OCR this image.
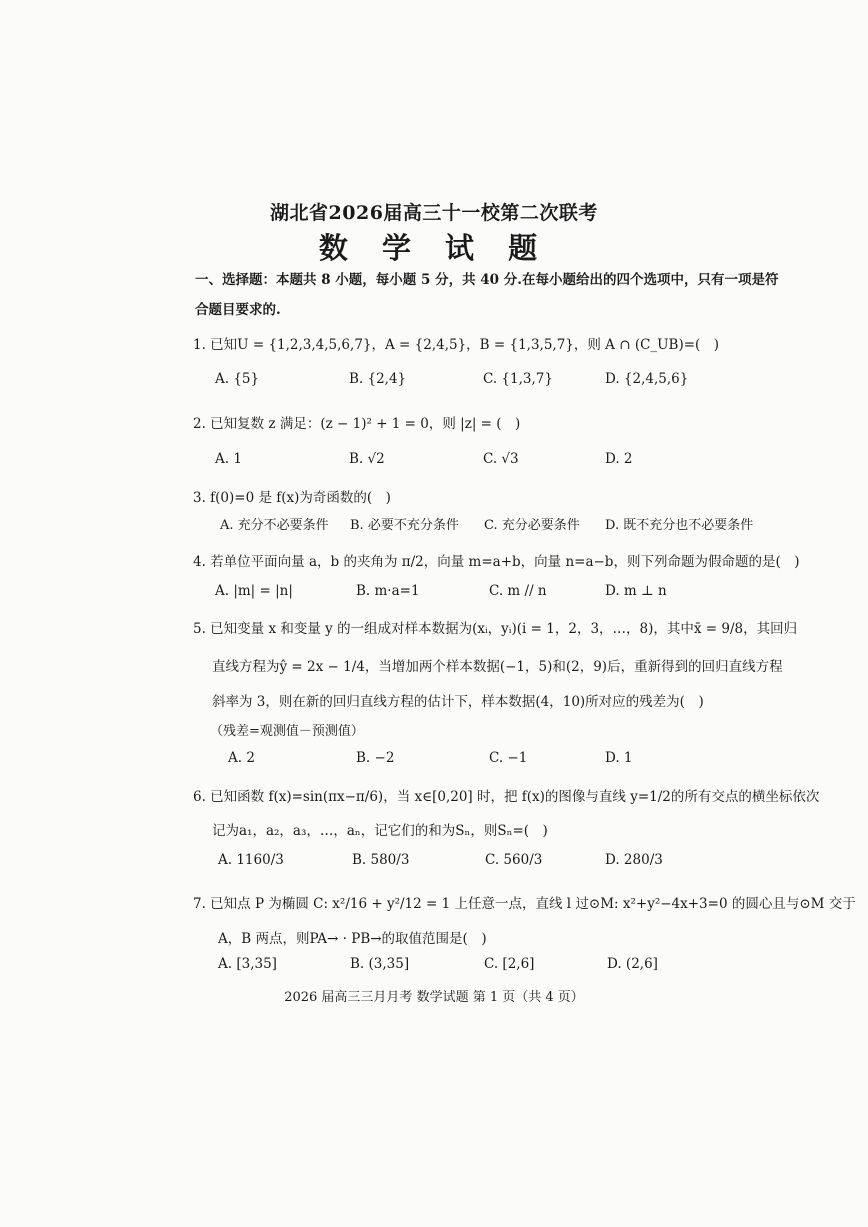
湖北省2026届高三十一校第二次联考
数 学 试 题
一、选择题：本题共 8 小题，每小题 5 分，共 40 分.在每小题给出的四个选项中，只有一项是符
合题目要求的.
1. 已知U = {1,2,3,4,5,6,7}，A = {2,4,5}，B = {1,3,5,7}，则 A ∩ (C_UB)=(　)
A. {5}	B. {2,4}	C. {1,3,7}	D. {2,4,5,6}
2. 已知复数 z 满足：(z − 1)² + 1 = 0，则 |z| = (　)
A. 1	B. √2	C. √3	D. 2
3. f(0)=0 是 f(x)为奇函数的(　)
A. 充分不必要条件 B. 必要不充分条件 C. 充分必要条件 D. 既不充分也不必要条件
4. 若单位平面向量 a，b 的夹角为 π/2，向量 m=a+b，向量 n=a−b，则下列命题为假命题的是(　)
A. |m| = |n|	B. m·a=1	C. m // n	D. m ⊥ n
5. 已知变量 x 和变量 y 的一组成对样本数据为(xᵢ，yᵢ)(i = 1，2，3，…，8)，其中x̄ = 9/8，其回归
直线方程为ŷ = 2x − 1/4，当增加两个样本数据(−1，5)和(2，9)后，重新得到的回归直线方程
斜率为 3，则在新的回归直线方程的估计下，样本数据(4，10)所对应的残差为(　)
（残差=观测值－预测值）
A. 2	B. −2	C. −1	D. 1
6. 已知函数 f(x)=sin(πx−π/6)，当 x∈[0,20] 时，把 f(x)的图像与直线 y=1/2的所有交点的横坐标依次
记为a₁，a₂，a₃，…，aₙ，记它们的和为Sₙ，则Sₙ=(　)
A. 1160/3	B. 580/3	C. 560/3	D. 280/3
7. 已知点 P 为椭圆 C: x²/16 + y²/12 = 1 上任意一点，直线 l 过⊙M: x²+y²−4x+3=0 的圆心且与⊙M 交于
A，B 两点，则PA→ · PB→的取值范围是(　)
A. [3,35]	B. (3,35]	C. [2,6]	D. (2,6]
2026 届高三三月月考 数学试题 第 1 页（共 4 页）
